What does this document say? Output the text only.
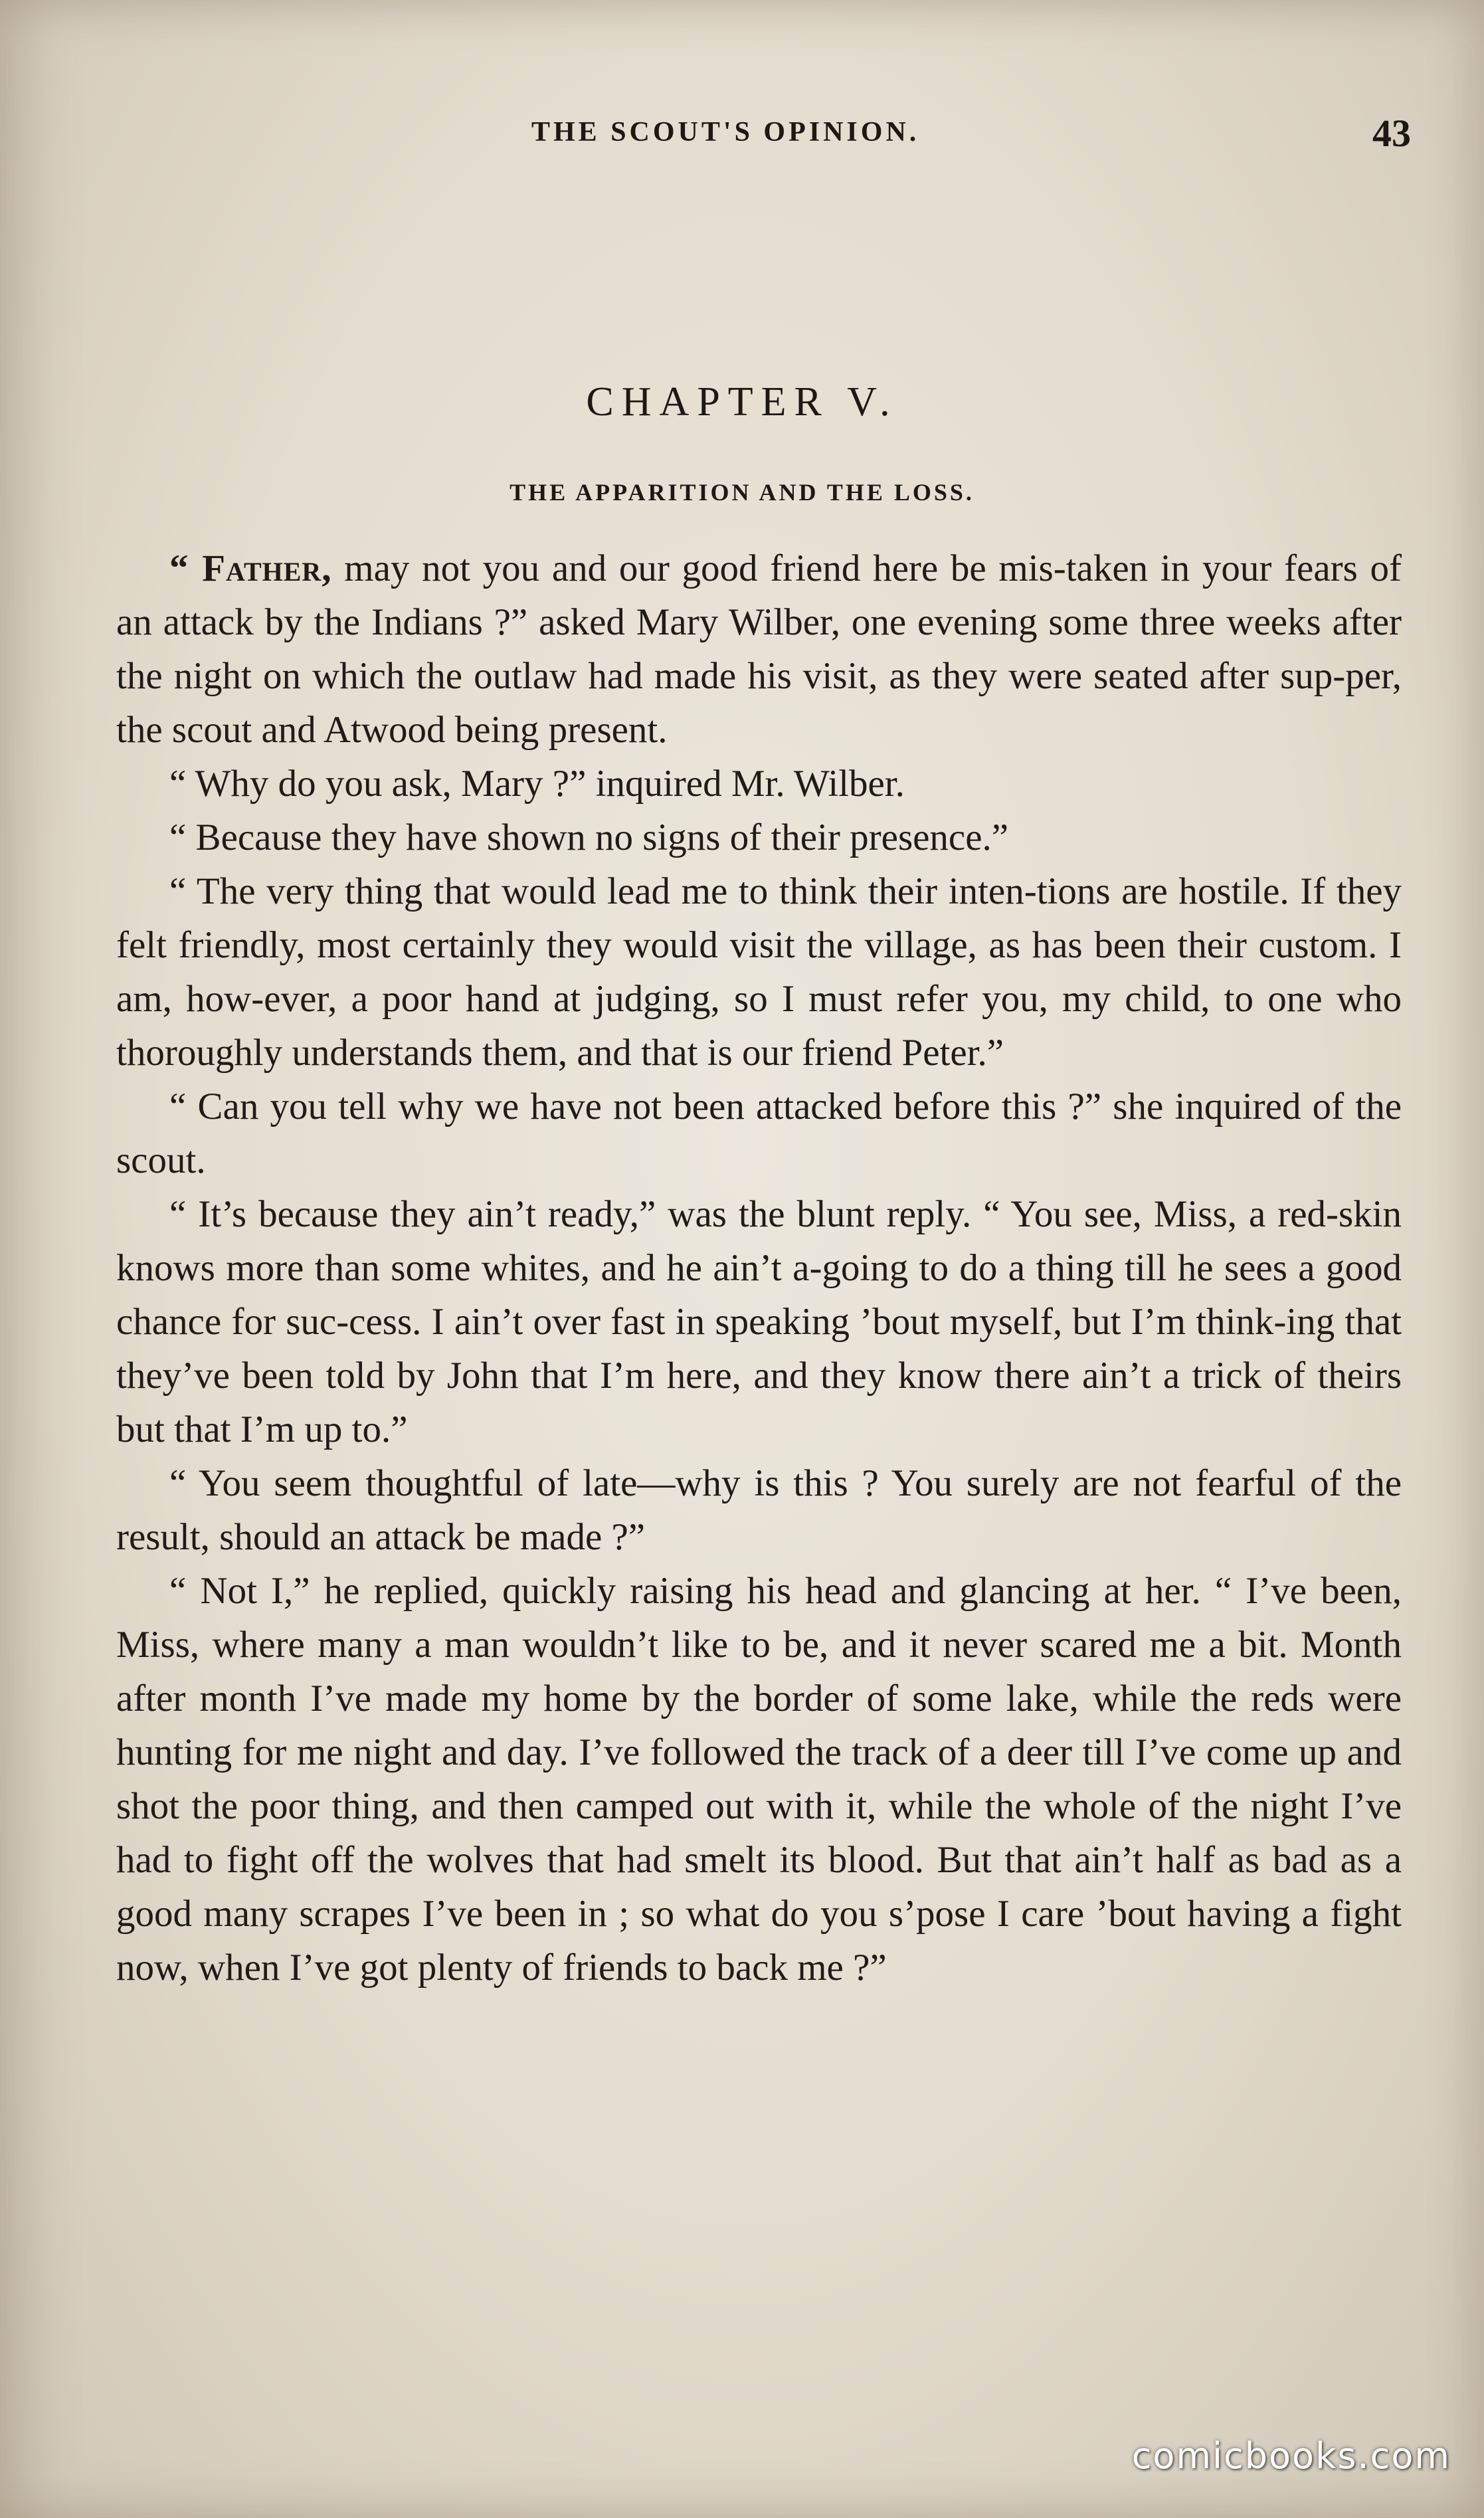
THE SCOUT'S OPINION.	43
CHAPTER V.
THE APPARITION AND THE LOSS.

“ Father, may not you and our good friend here be mis-taken in your fears of an attack by the Indians ?” asked Mary Wilber, one evening some three weeks after the night on which the outlaw had made his visit, as they were seated after sup-per, the scout and Atwood being present.

“ Why do you ask, Mary ?” inquired Mr. Wilber.

“ Because they have shown no signs of their presence.”

“ The very thing that would lead me to think their inten-tions are hostile. If they felt friendly, most certainly they would visit the village, as has been their custom. I am, how-ever, a poor hand at judging, so I must refer you, my child, to one who thoroughly understands them, and that is our friend Peter.”

“ Can you tell why we have not been attacked before this ?” she inquired of the scout.

“ It’s because they ain’t ready,” was the blunt reply. “ You see, Miss, a red-skin knows more than some whites, and he ain’t a-going to do a thing till he sees a good chance for suc-cess. I ain’t over fast in speaking ’bout myself, but I’m think-ing that they’ve been told by John that I’m here, and they know there ain’t a trick of theirs but that I’m up to.”

“ You seem thoughtful of late—why is this ? You surely are not fearful of the result, should an attack be made ?”

“ Not I,” he replied, quickly raising his head and glancing at her. “ I’ve been, Miss, where many a man wouldn’t like to be, and it never scared me a bit. Month after month I’ve made my home by the border of some lake, while the reds were hunting for me night and day. I’ve followed the track of a deer till I’ve come up and shot the poor thing, and then camped out with it, while the whole of the night I’ve had to fight off the wolves that had smelt its blood. But that ain’t half as bad as a good many scrapes I’ve been in ; so what do you s’pose I care ’bout having a fight now, when I’ve got plenty of friends to back me ?”

comicbooks.com
